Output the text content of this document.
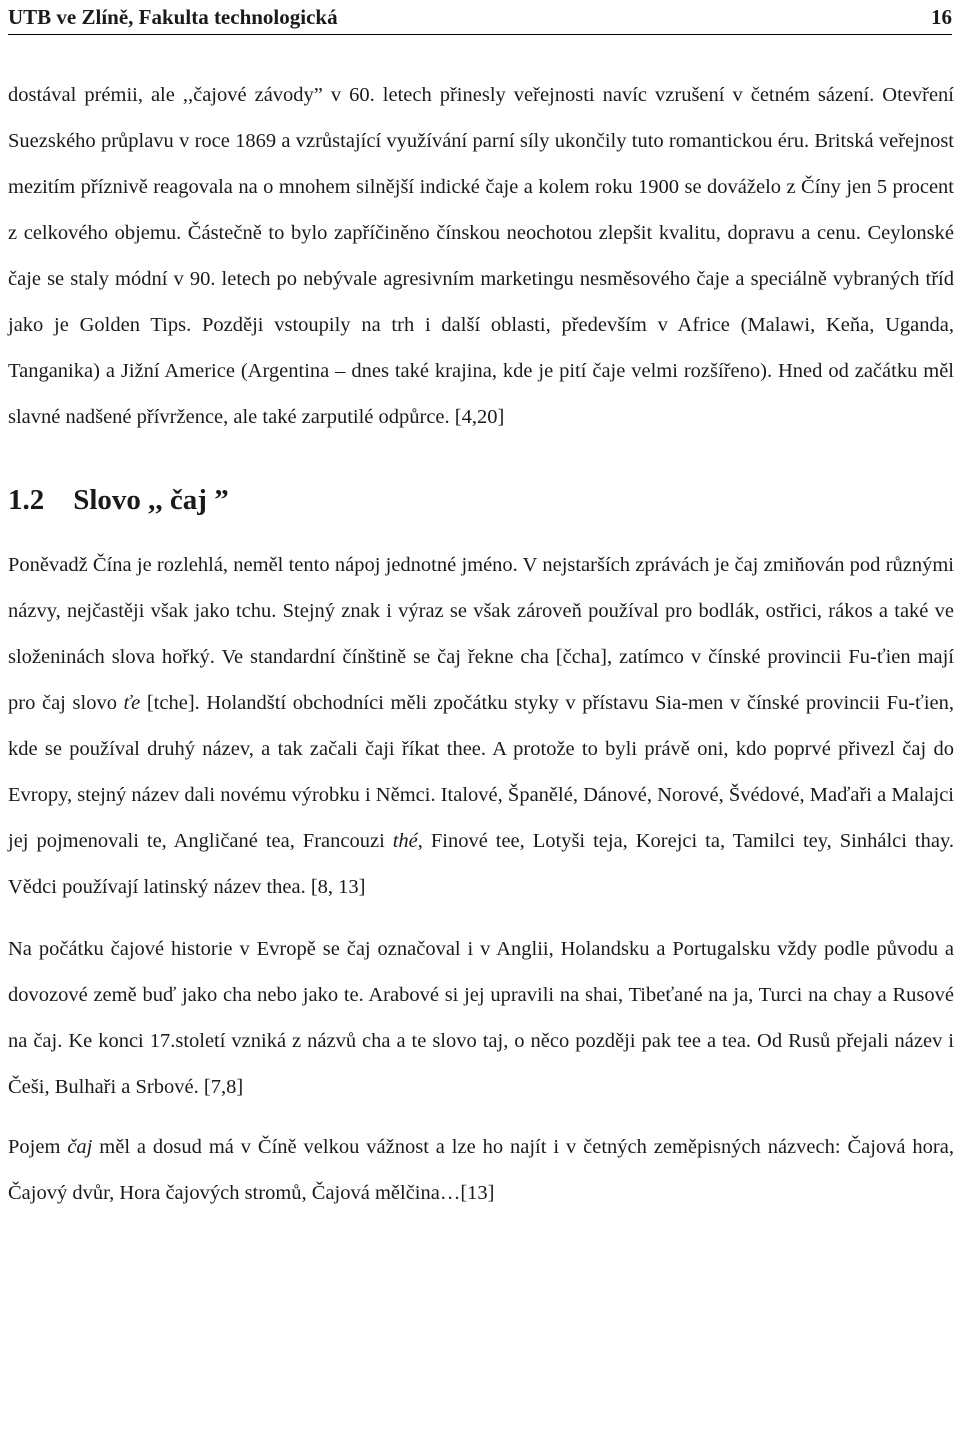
UTB ve Zlíně, Fakulta technologická	16

dostával prémii, ale ,,čajové závody” v 60. letech přinesly veřejnosti navíc vzrušení v četném sázení. Otevření Suezského průplavu v roce 1869 a vzrůstající využívání parní síly ukončily tuto romantickou éru. Britská veřejnost mezitím příznivě reagovala na o mnohem silnější indické čaje a kolem roku 1900 se dováželo z Číny jen 5 procent z celkového objemu. Částečně to bylo zapříčiněno čínskou neochotou zlepšit kvalitu, dopravu a cenu. Ceylonské čaje se staly módní v 90. letech po nebývale agresivním marketingu nesměsového čaje a speciálně vybraných tříd jako je Golden Tips. Později vstoupily na trh i další oblasti, především v Africe (Malawi, Keňa, Uganda, Tanganika) a Jižní Americe (Argentina – dnes také krajina, kde je pití čaje velmi rozšířeno). Hned od začátku měl slavné nadšené přívržence, ale také zarputilé odpůrce. [4,20]

1.2 Slovo ,, čaj ”

Poněvadž Čína je rozlehlá, neměl tento nápoj jednotné jméno. V nejstarších zprávách je čaj zmiňován pod různými názvy, nejčastěji však jako tchu. Stejný znak i výraz se však zároveň používal pro bodlák, ostřici, rákos a také ve složeninách slova hořký. Ve standardní čínštině se čaj řekne cha [čcha], zatímco v čínské provincii Fu-ťien mají pro čaj slovo ťe [tche]. Holandští obchodníci měli zpočátku styky v přístavu Sia-men v čínské provincii Fu-ťien, kde se používal druhý název, a tak začali čaji říkat thee. A protože to byli právě oni, kdo poprvé přivezl čaj do Evropy, stejný název dali novému výrobku i Němci. Italové, Španělé, Dánové, Norové, Švédové, Maďaři a Malajci jej pojmenovali te, Angličané tea, Francouzi thé, Finové tee, Lotyši teja, Korejci ta, Tamilci tey, Sinhálci thay. Vědci používají latinský název thea. [8, 13]

Na počátku čajové historie v Evropě se čaj označoval i v Anglii, Holandsku a Portugalsku vždy podle původu a dovozové země buď jako cha nebo jako te. Arabové si jej upravili na shai, Tibeťané na ja, Turci na chay a Rusové na čaj. Ke konci 17.století vzniká z názvů cha a te slovo taj, o něco později pak tee a tea. Od Rusů přejali název i Češi, Bulhaři a Srbové. [7,8]

Pojem čaj měl a dosud má v Číně velkou vážnost a lze ho najít i v četných zeměpisných názvech: Čajová hora, Čajový dvůr, Hora čajových stromů, Čajová mělčina…[13]
